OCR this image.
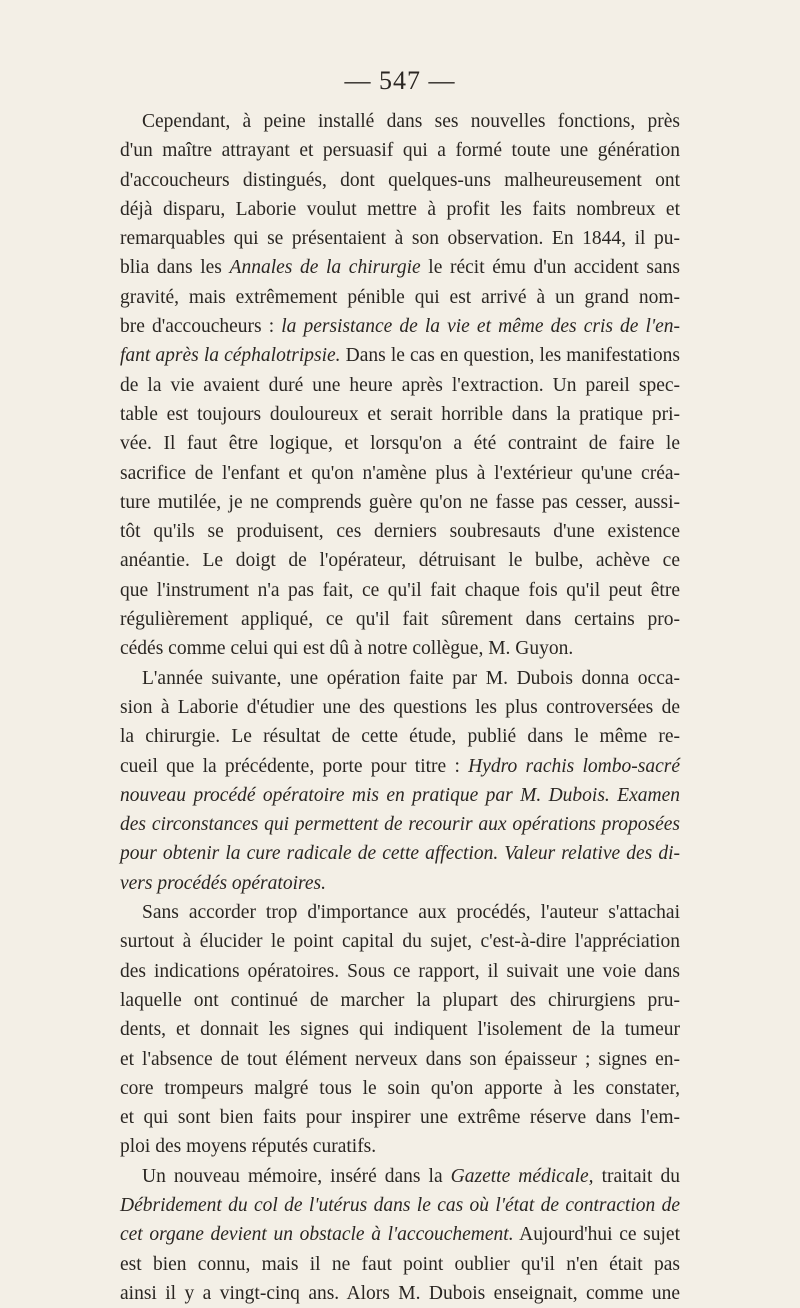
— 547 —
Cependant, à peine installé dans ses nouvelles fonctions, près
d'un maître attrayant et persuasif qui a formé toute une génération
d'accoucheurs distingués, dont quelques-uns malheureusement ont
déjà disparu, Laborie voulut mettre à profit les faits nombreux et
remarquables qui se présentaient à son observation. En 1844, il pu-
blia dans les Annales de la chirurgie le récit ému d'un accident sans
gravité, mais extrêmement pénible qui est arrivé à un grand nom-
bre d'accoucheurs : la persistance de la vie et même des cris de l'en-
fant après la céphalotripsie. Dans le cas en question, les manifestations
de la vie avaient duré une heure après l'extraction. Un pareil spec-
table est toujours douloureux et serait horrible dans la pratique pri-
vée. Il faut être logique, et lorsqu'on a été contraint de faire le
sacrifice de l'enfant et qu'on n'amène plus à l'extérieur qu'une créa-
ture mutilée, je ne comprends guère qu'on ne fasse pas cesser, aussi-
tôt qu'ils se produisent, ces derniers soubresauts d'une existence
anéantie. Le doigt de l'opérateur, détruisant le bulbe, achève ce
que l'instrument n'a pas fait, ce qu'il fait chaque fois qu'il peut être
régulièrement appliqué, ce qu'il fait sûrement dans certains pro-
cédés comme celui qui est dû à notre collègue, M. Guyon.
L'année suivante, une opération faite par M. Dubois donna occa-
sion à Laborie d'étudier une des questions les plus controversées de
la chirurgie. Le résultat de cette étude, publié dans le même re-
cueil que la précédente, porte pour titre : Hydro rachis lombo-sacré
nouveau procédé opératoire mis en pratique par M. Dubois. Examen
des circonstances qui permettent de recourir aux opérations proposées
pour obtenir la cure radicale de cette affection. Valeur relative des di-
vers procédés opératoires.
Sans accorder trop d'importance aux procédés, l'auteur s'attachai
surtout à élucider le point capital du sujet, c'est-à-dire l'appréciation
des indications opératoires. Sous ce rapport, il suivait une voie dans
laquelle ont continué de marcher la plupart des chirurgiens pru-
dents, et donnait les signes qui indiquent l'isolement de la tumeur
et l'absence de tout élément nerveux dans son épaisseur ; signes en-
core trompeurs malgré tous le soin qu'on apporte à les constater,
et qui sont bien faits pour inspirer une extrême réserve dans l'em-
ploi des moyens réputés curatifs.
Un nouveau mémoire, inséré dans la Gazette médicale, traitait du
Débridement du col de l'utérus dans le cas où l'état de contraction de
cet organe devient un obstacle à l'accouchement. Aujourd'hui ce sujet
est bien connu, mais il ne faut point oublier qu'il n'en était pas
ainsi il y a vingt-cinq ans. Alors M. Dubois enseignait, comme une
